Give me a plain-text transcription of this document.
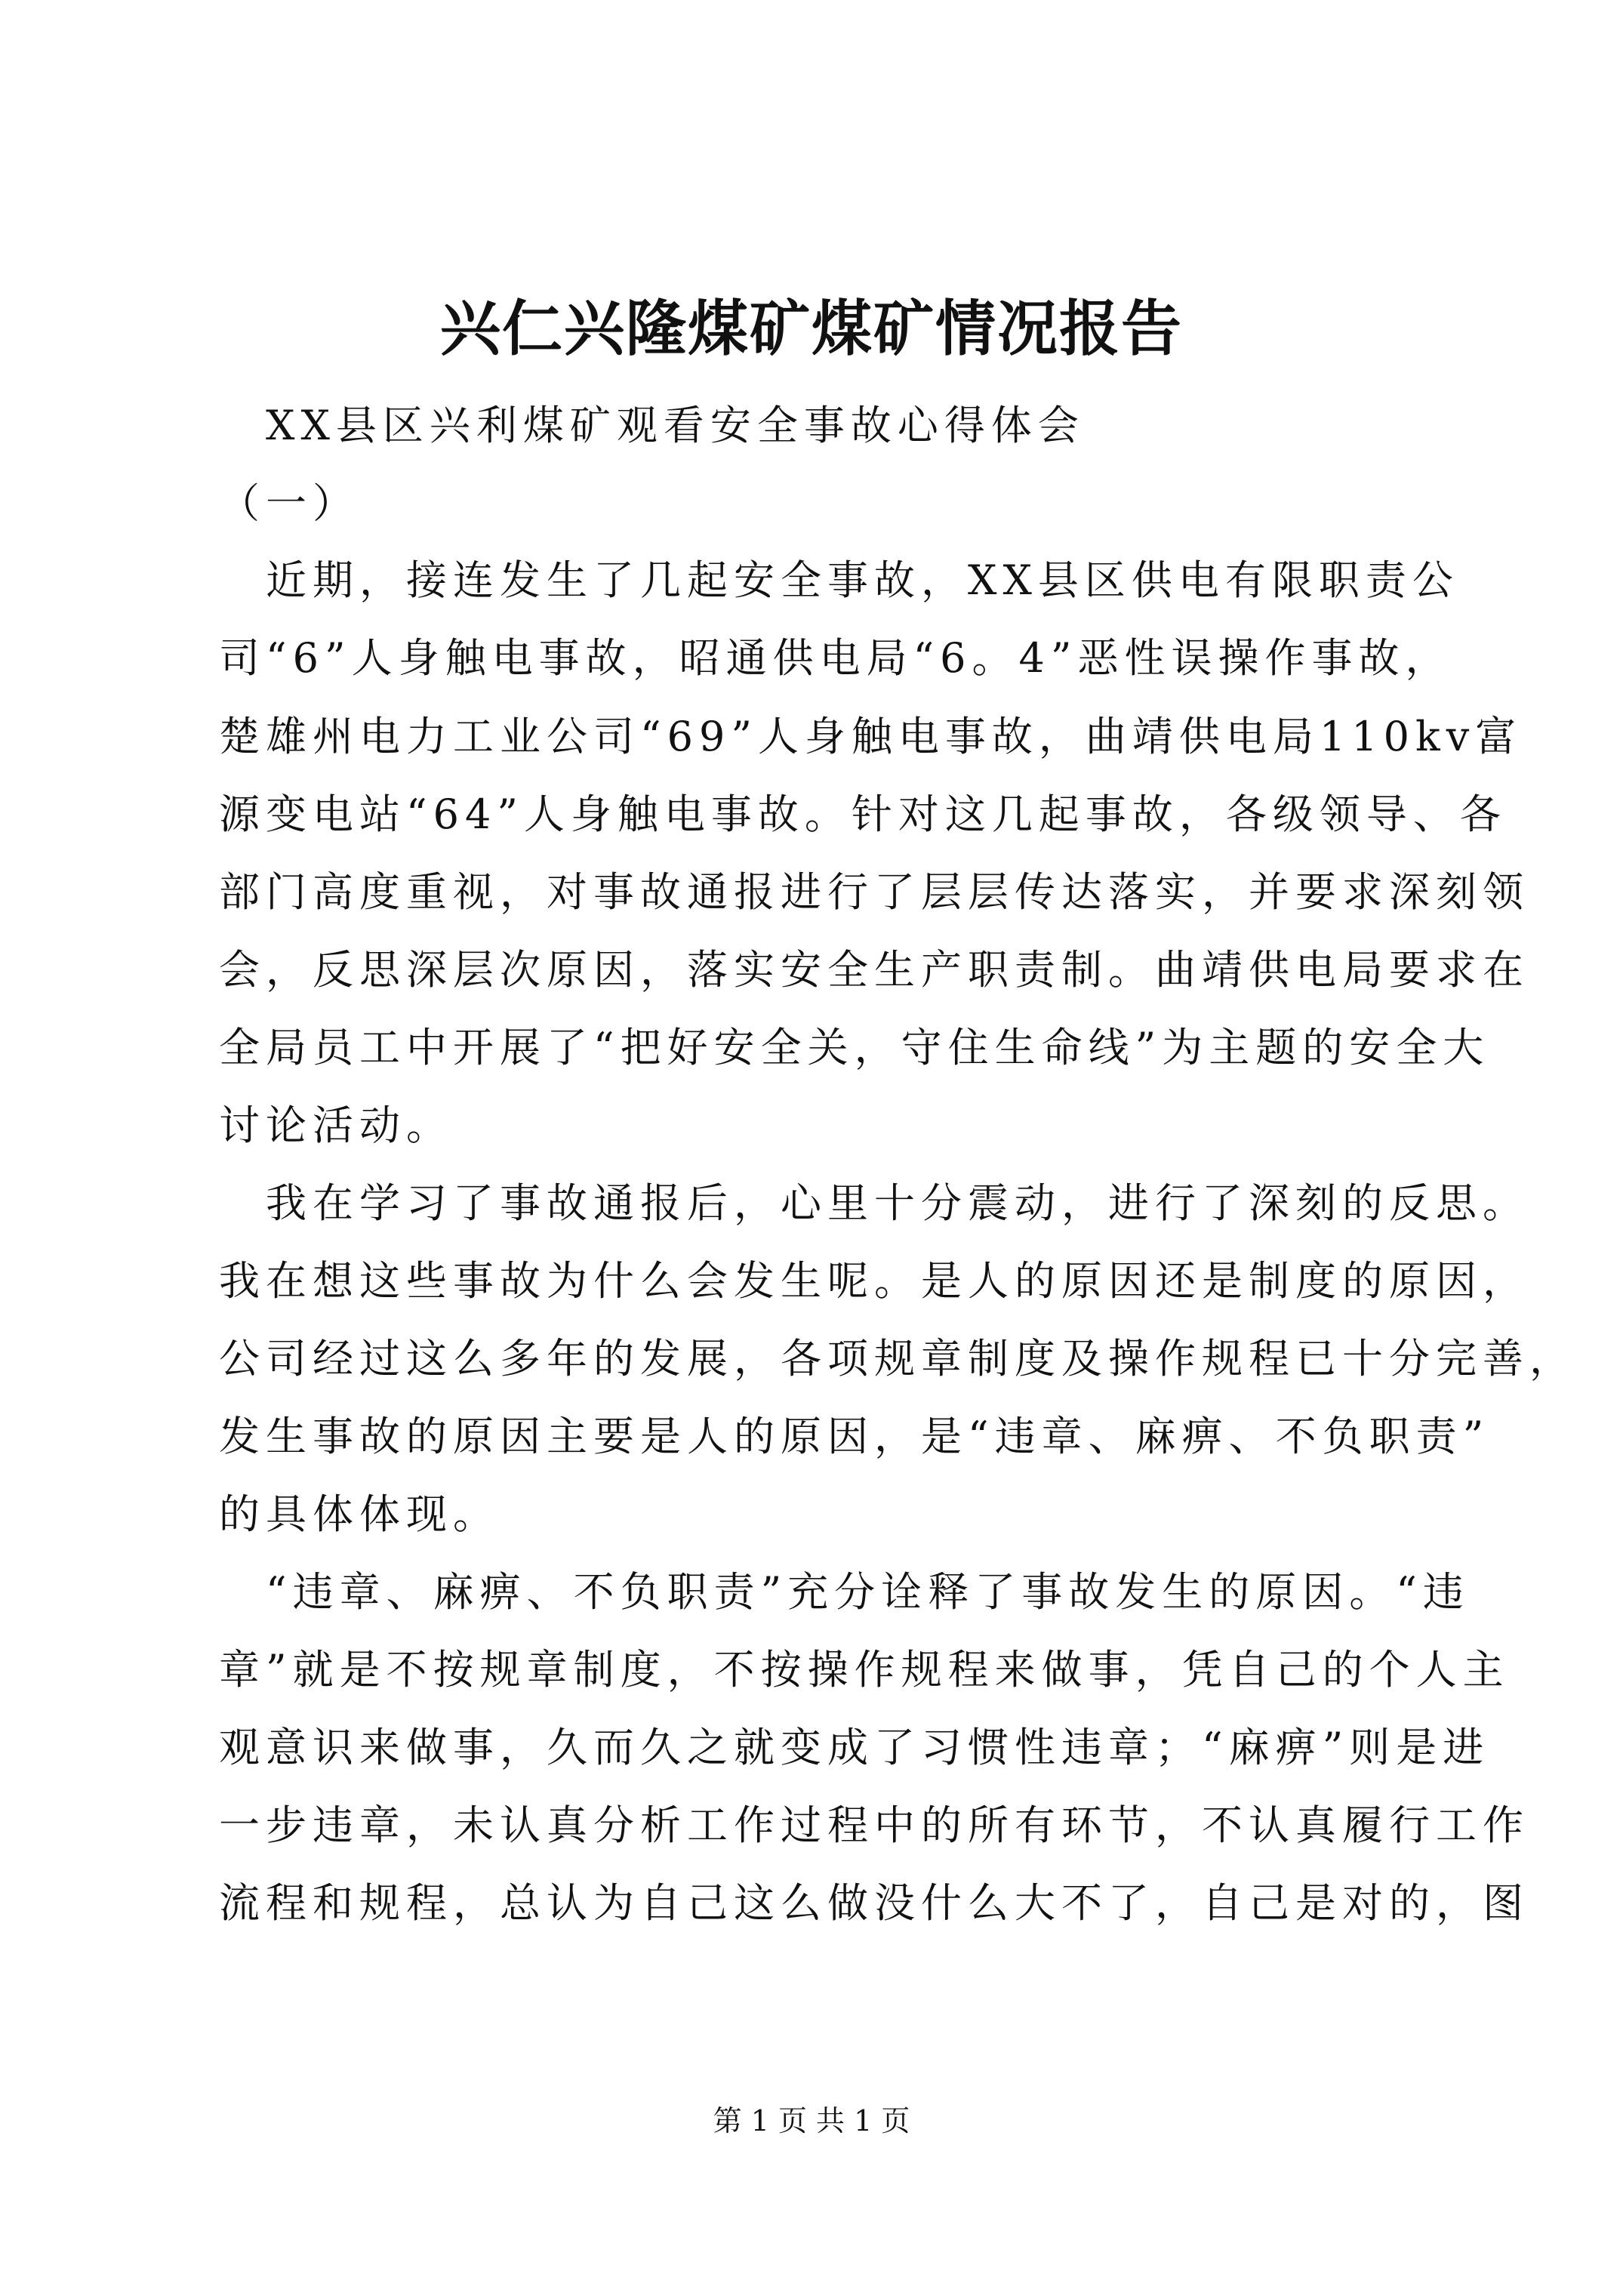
兴仁兴隆煤矿煤矿情况报告
　XX县区兴利煤矿观看安全事故心得体会
（一）
　近期，接连发生了几起安全事故，XX县区供电有限职责公
司“6”人身触电事故，昭通供电局“6。4”恶性误操作事故，
楚雄州电力工业公司“69”人身触电事故，曲靖供电局110kv富
源变电站“64”人身触电事故。针对这几起事故，各级领导、各
部门高度重视，对事故通报进行了层层传达落实，并要求深刻领
会，反思深层次原因，落实安全生产职责制。曲靖供电局要求在
全局员工中开展了“把好安全关，守住生命线”为主题的安全大
讨论活动。
　我在学习了事故通报后，心里十分震动，进行了深刻的反思。
我在想这些事故为什么会发生呢。是人的原因还是制度的原因，
公司经过这么多年的发展，各项规章制度及操作规程已十分完善，
发生事故的原因主要是人的原因，是“违章、麻痹、不负职责”
的具体体现。
　“违章、麻痹、不负职责”充分诠释了事故发生的原因。“违
章”就是不按规章制度，不按操作规程来做事，凭自己的个人主
观意识来做事，久而久之就变成了习惯性违章；“麻痹”则是进
一步违章，未认真分析工作过程中的所有环节，不认真履行工作
流程和规程，总认为自己这么做没什么大不了，自己是对的，图
第 1 页 共 1 页
